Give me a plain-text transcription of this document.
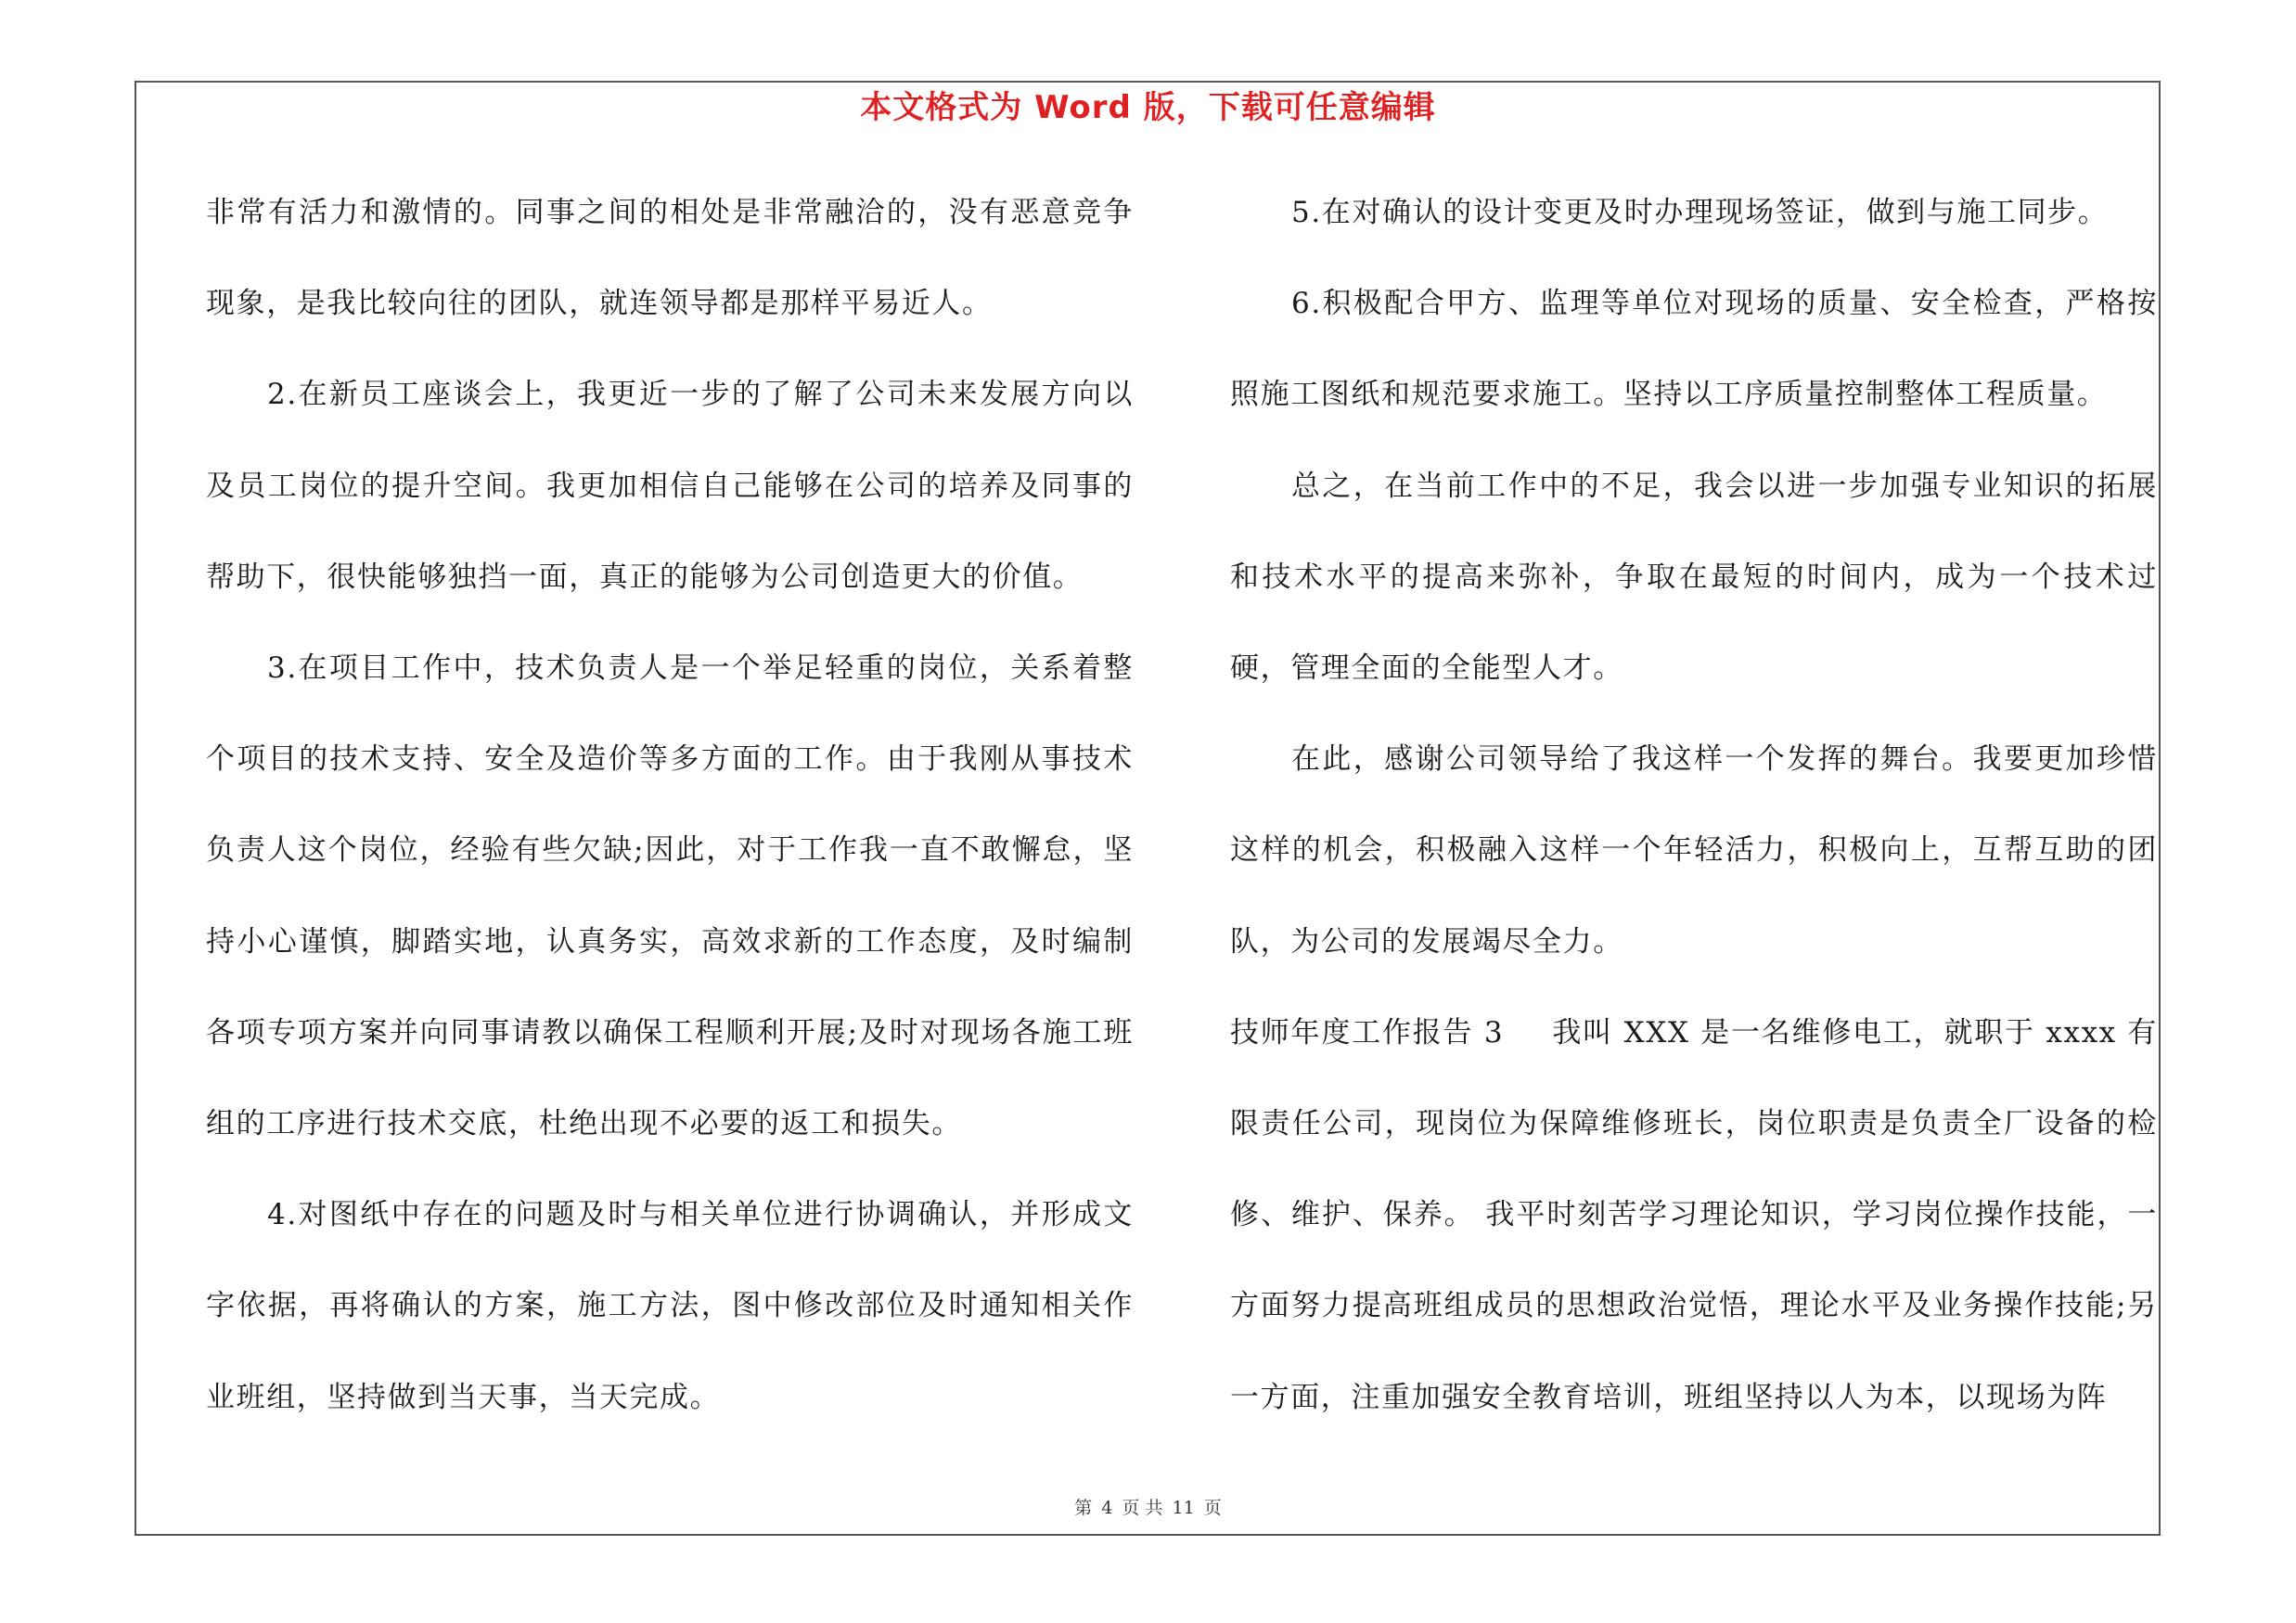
本文格式为 Word 版，下载可任意编辑

非常有活力和激情的。同事之间的相处是非常融洽的，没有恶意竞争现象，是我比较向往的团队，就连领导都是那样平易近人。

2.在新员工座谈会上，我更近一步的了解了公司未来发展方向以及员工岗位的提升空间。我更加相信自己能够在公司的培养及同事的帮助下，很快能够独挡一面，真正的能够为公司创造更大的价值。

3.在项目工作中，技术负责人是一个举足轻重的岗位，关系着整个项目的技术支持、安全及造价等多方面的工作。由于我刚从事技术负责人这个岗位，经验有些欠缺;因此，对于工作我一直不敢懈怠，坚持小心谨慎，脚踏实地，认真务实，高效求新的工作态度，及时编制各项专项方案并向同事请教以确保工程顺利开展;及时对现场各施工班组的工序进行技术交底，杜绝出现不必要的返工和损失。

4.对图纸中存在的问题及时与相关单位进行协调确认，并形成文字依据，再将确认的方案，施工方法，图中修改部位及时通知相关作业班组，坚持做到当天事，当天完成。

5.在对确认的设计变更及时办理现场签证，做到与施工同步。

6.积极配合甲方、监理等单位对现场的质量、安全检查，严格按照施工图纸和规范要求施工。坚持以工序质量控制整体工程质量。

总之，在当前工作中的不足，我会以进一步加强专业知识的拓展和技术水平的提高来弥补，争取在最短的时间内，成为一个技术过硬，管理全面的全能型人才。

在此，感谢公司领导给了我这样一个发挥的舞台。我要更加珍惜这样的机会，积极融入这样一个年轻活力，积极向上，互帮互助的团队，为公司的发展竭尽全力。

技师年度工作报告 3 我叫 XXX 是一名维修电工，就职于 xxxx 有限责任公司，现岗位为保障维修班长，岗位职责是负责全厂设备的检修、维护、保养。 我平时刻苦学习理论知识，学习岗位操作技能，一方面努力提高班组成员的思想政治觉悟，理论水平及业务操作技能;另一方面，注重加强安全教育培训，班组坚持以人为本，以现场为阵

第 4 页 共 11 页
